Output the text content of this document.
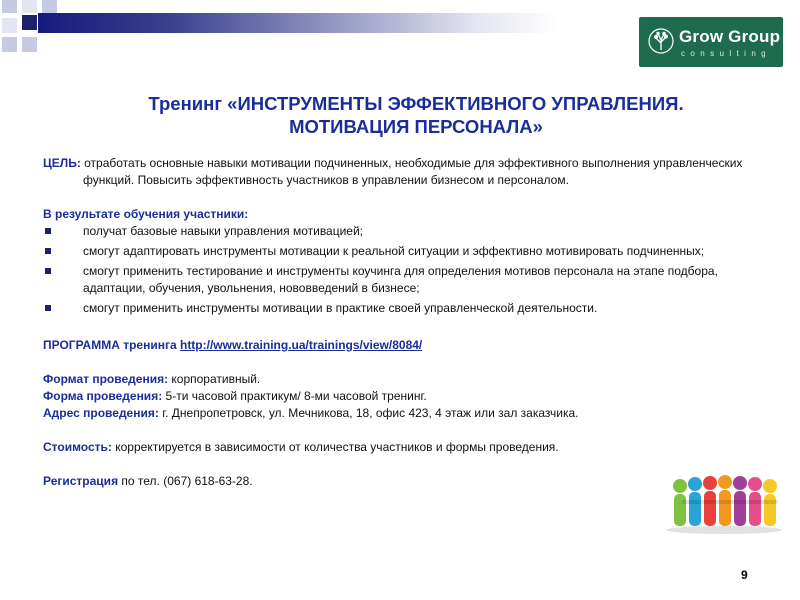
Grow Group
consulting
Тренинг «ИНСТРУМЕНТЫ ЭФФЕКТИВНОГО УПРАВЛЕНИЯ.
МОТИВАЦИЯ ПЕРСОНАЛА»

ЦЕЛЬ: отработать основные навыки мотивации подчиненных, необходимые для эффективного выполнения управленческих функций. Повысить эффективность участников в управлении бизнесом и персоналом.

В результате обучения участники:

получат базовые навыки управления мотивацией;
смогут адаптировать инструменты мотивации к реальной ситуации и эффективно мотивировать подчиненных;
смогут применить тестирование и инструменты коучинга для определения мотивов персонала на этапе подбора, адаптации, обучения, увольнения, нововведений в бизнесе;
смогут применить инструменты мотивации в практике своей управленческой деятельности.

ПРОГРАММА тренинга http://www.training.ua/trainings/view/8084/

Формат проведения: корпоративный.

Форма проведения: 5-ти часовой практикум/ 8-ми часовой тренинг.

Адрес проведения: г. Днепропетровск, ул. Мечникова, 18, офис 423, 4 этаж или зал заказчика.

Стоимость: корректируется в зависимости от количества участников и формы проведения.

Регистрация по тел. (067) 618-63-28.

9
